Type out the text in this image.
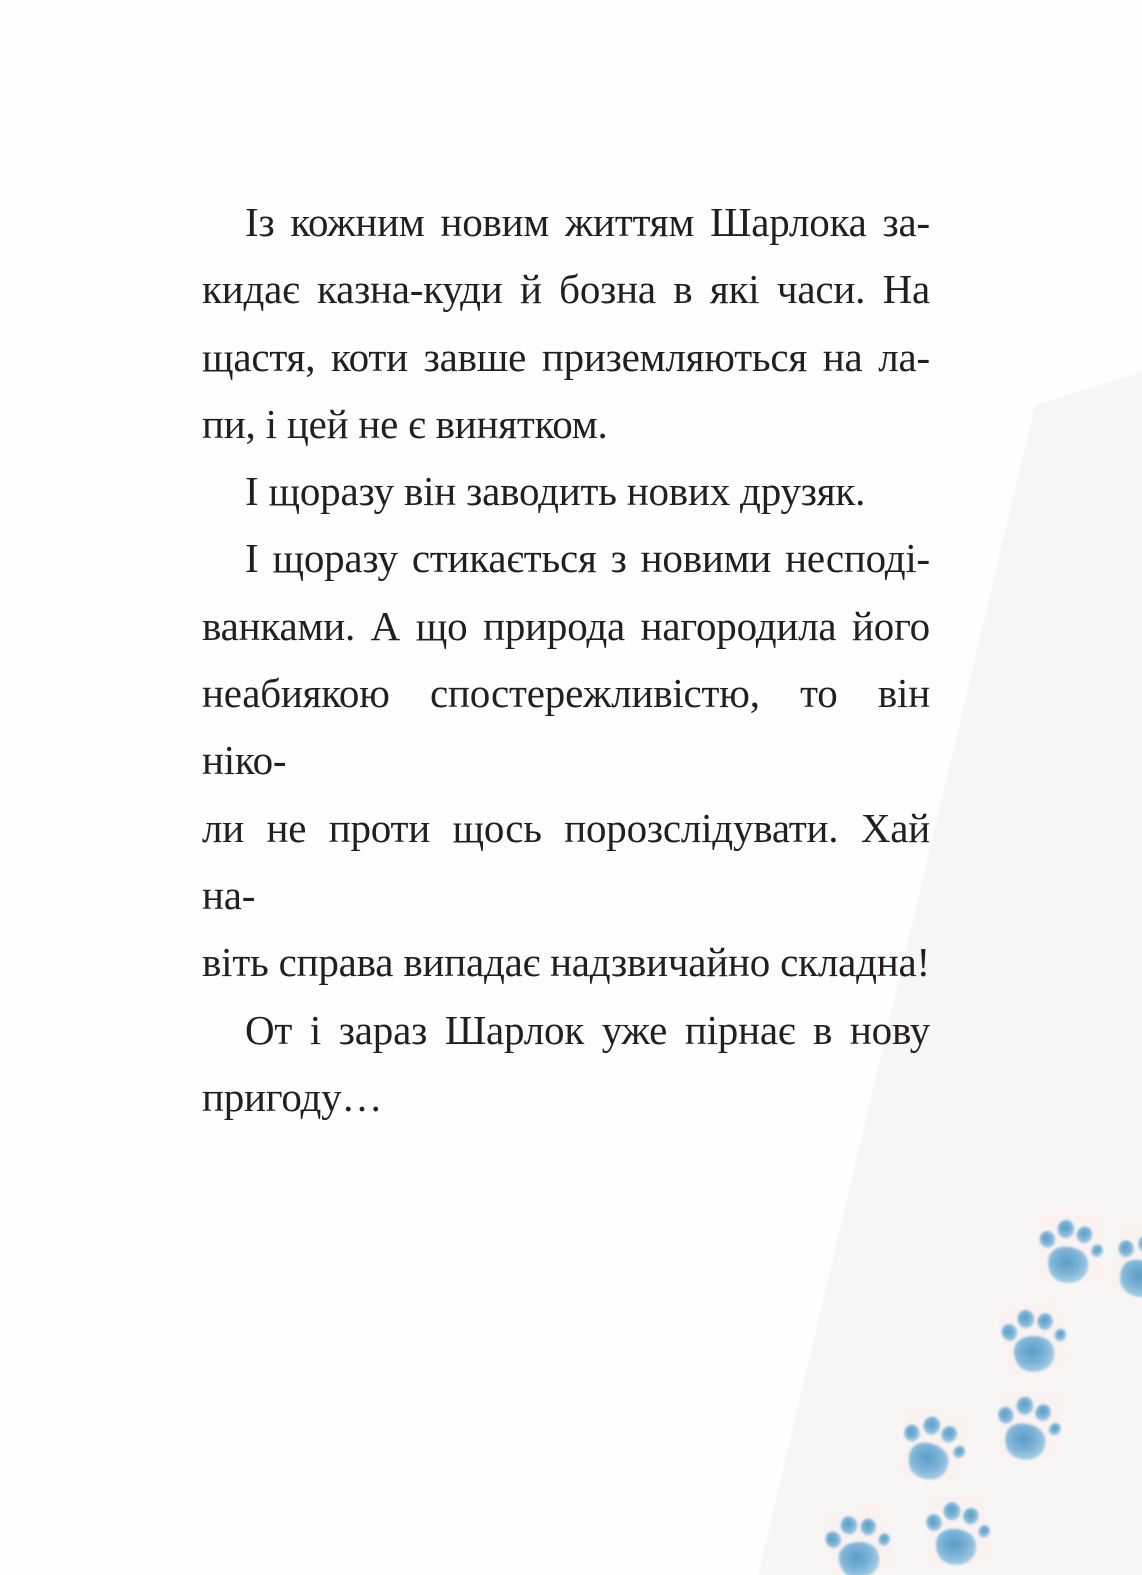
Із кожним новим життям Шарлока за-
кидає казна-куди й бозна в які часи. На
щастя, коти завше приземляються на ла-
пи, і цей не є винятком.
І щоразу він заводить нових друзяк.
І щоразу стикається з новими несподі-
ванками. А що природа нагородила його
неабиякою спостережливістю, то він ніко-
ли не проти щось порозслідувати. Хай на-
віть справа випадає надзвичайно складна!
От і зараз Шарлок уже пірнає в нову
пригоду…
